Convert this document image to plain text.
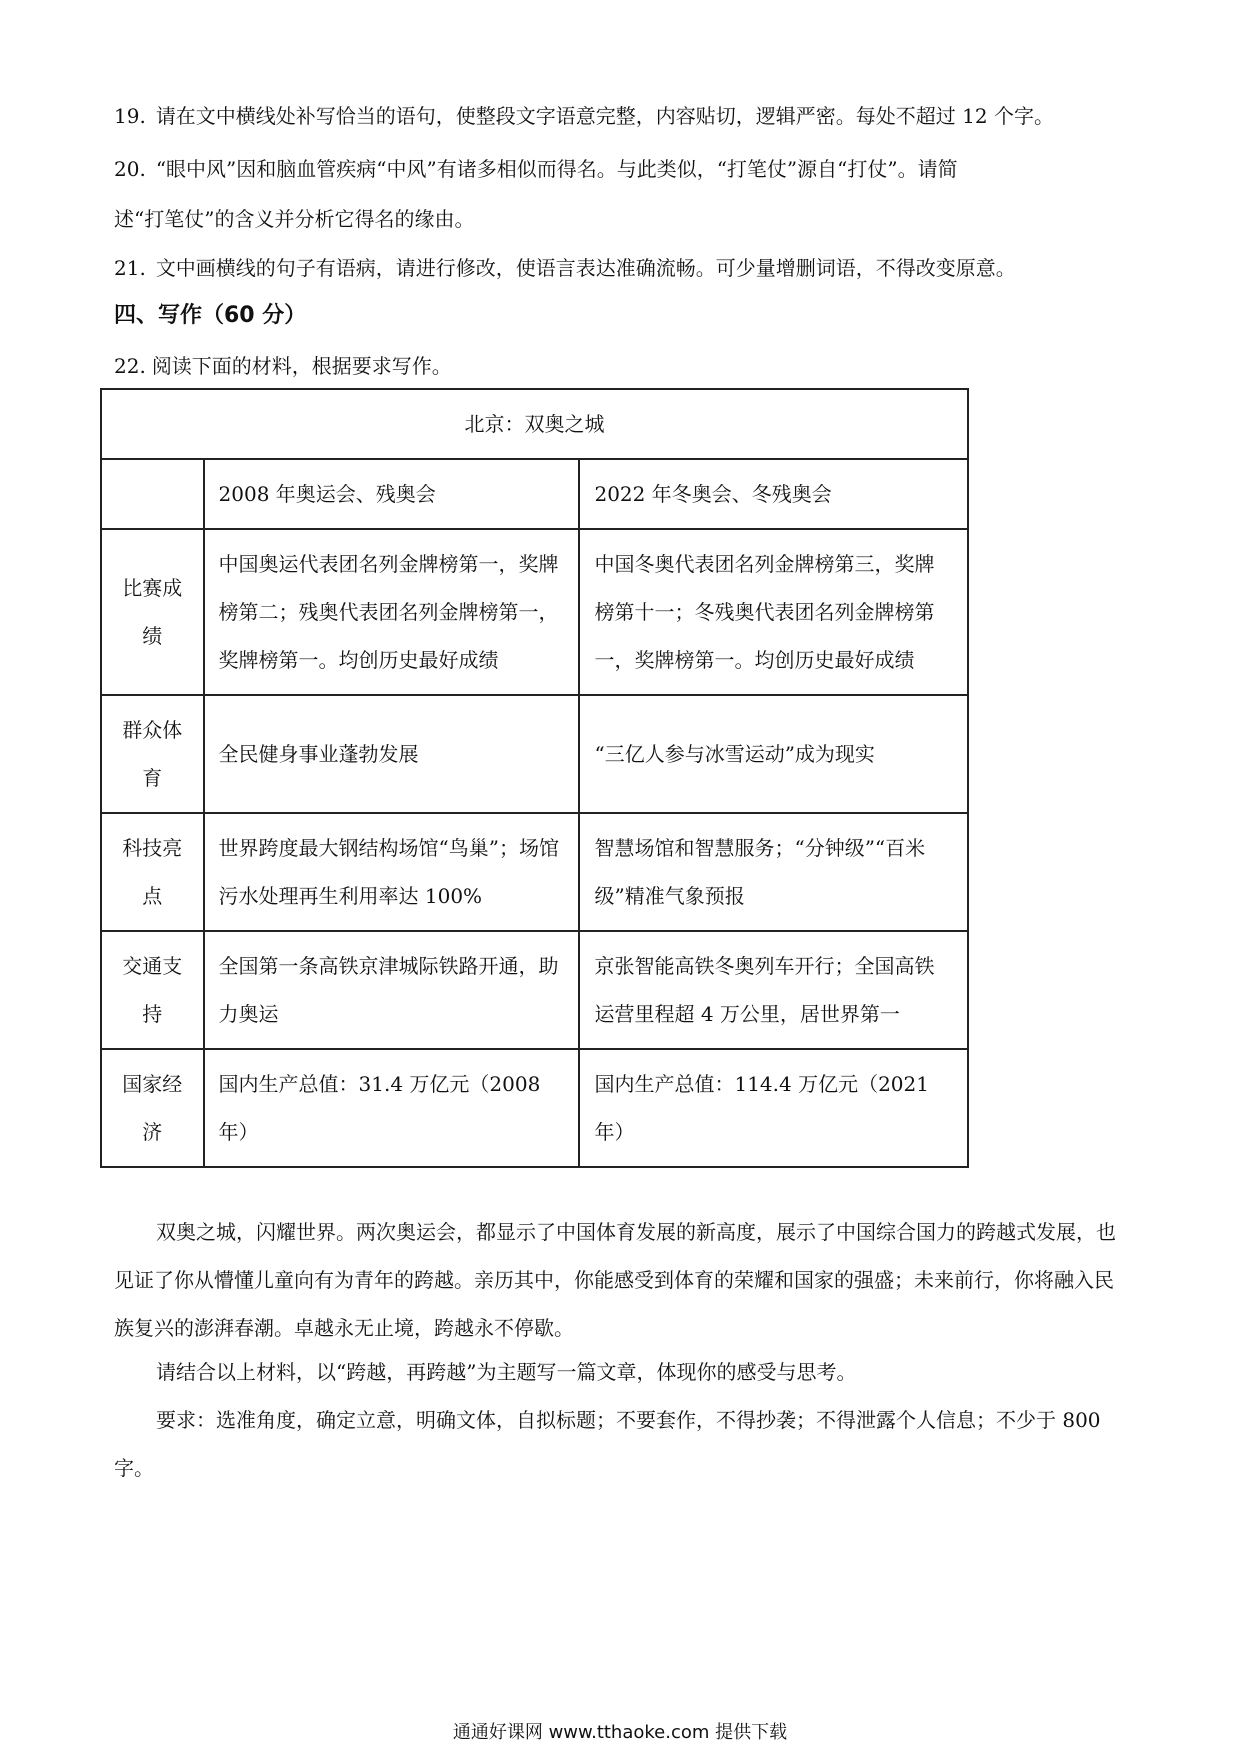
19. 请在文中横线处补写恰当的语句，使整段文字语意完整，内容贴切，逻辑严密。每处不超过 12 个字。
20. “眼中风”因和脑血管疾病“中风”有诸多相似而得名。与此类似，“打笔仗”源自“打仗”。请简
述“打笔仗”的含义并分析它得名的缘由。
21. 文中画横线的句子有语病，请进行修改，使语言表达准确流畅。可少量增删词语，不得改变原意。
四、写作（60 分）
22. 阅读下面的材料，根据要求写作。
北京：双奥之城		
	2008 年奥运会、残奥会	2022 年冬奥会、冬残奥会
比赛成绩	中国奥运代表团名列金牌榜第一，奖牌榜第二；残奥代表团名列金牌榜第一，奖牌榜第一。均创历史最好成绩	中国冬奥代表团名列金牌榜第三，奖牌榜第十一；冬残奥代表团名列金牌榜第一，奖牌榜第一。均创历史最好成绩
群众体育	全民健身事业蓬勃发展	“三亿人参与冰雪运动”成为现实
科技亮点	世界跨度最大钢结构场馆“鸟巢”；场馆污水处理再生利用率达 100%	智慧场馆和智慧服务；“分钟级”“百米级”精准气象预报
交通支持	全国第一条高铁京津城际铁路开通，助力奥运	京张智能高铁冬奥列车开行；全国高铁运营里程超 4 万公里，居世界第一
国家经济	国内生产总值：31.4 万亿元（2008 年）	国内生产总值：114.4 万亿元（2021 年）
双奥之城，闪耀世界。两次奥运会，都显示了中国体育发展的新高度，展示了中国综合国力的跨越式发展，也见证了你从懵懂儿童向有为青年的跨越。亲历其中，你能感受到体育的荣耀和国家的强盛；未来前行，你将融入民族复兴的澎湃春潮。卓越永无止境，跨越永不停歇。
请结合以上材料，以“跨越，再跨越”为主题写一篇文章，体现你的感受与思考。
要求：选准角度，确定立意，明确文体，自拟标题；不要套作，不得抄袭；不得泄露个人信息；不少于 800 字。
通通好课网 www.tthaoke.com 提供下载
